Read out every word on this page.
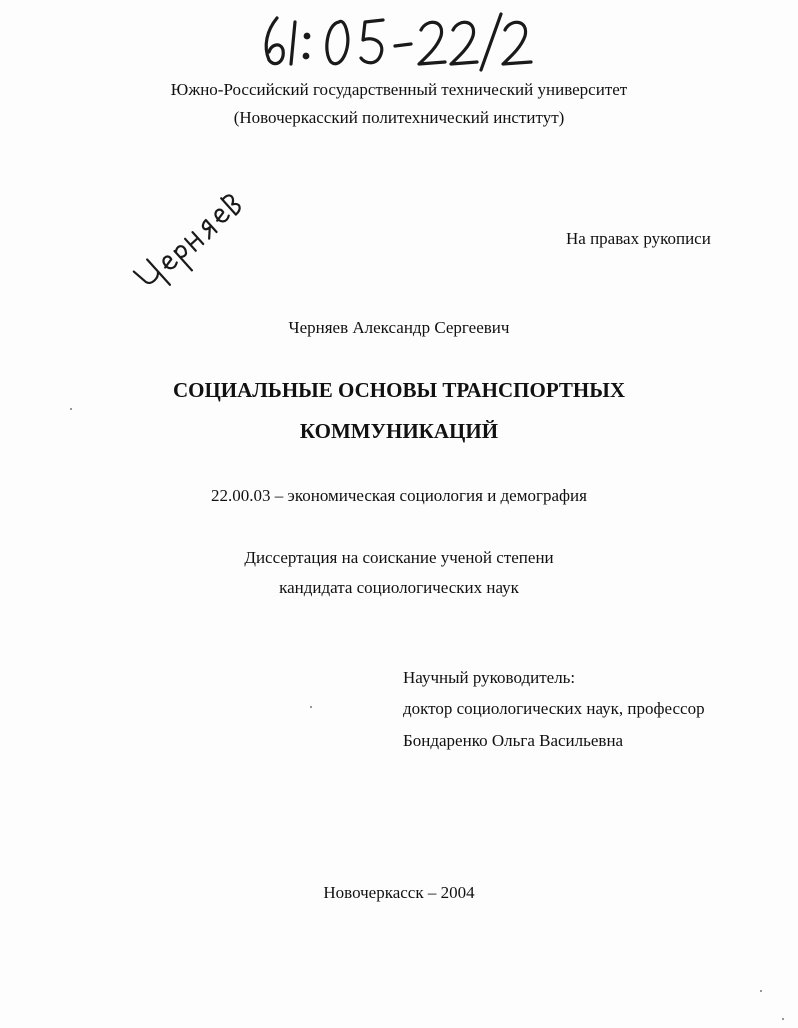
Южно-Российский государственный технический университет
(Новочеркасский политехнический институт)
На правах рукописи
Черняев Александр Сергеевич
СОЦИАЛЬНЫЕ ОСНОВЫ ТРАНСПОРТНЫХ
КОММУНИКАЦИЙ
22.00.03 – экономическая социология и демография
Диссертация на соискание ученой степени
кандидата социологических наук
Научный руководитель:
доктор социологических наук, профессор
Бондаренко Ольга Васильевна
Новочеркасск – 2004
